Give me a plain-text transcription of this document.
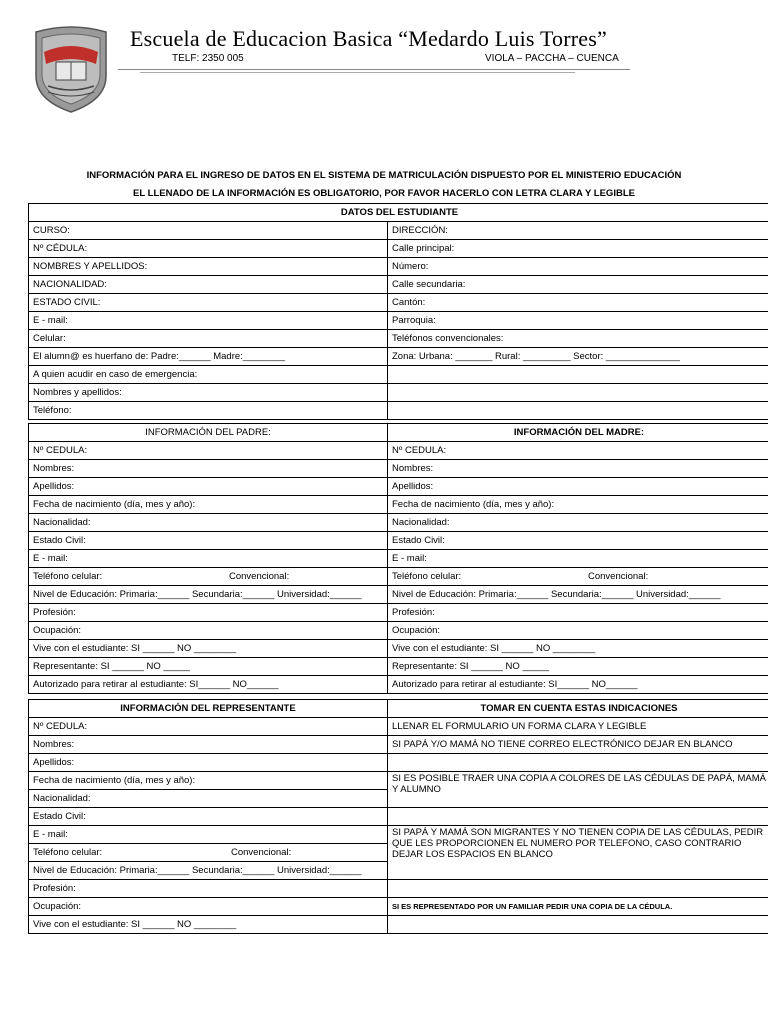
Escuela de Educacion Basica “Medardo Luis Torres”
TELF: 2350 005	VIOLA – PACCHA – CUENCA
INFORMACIÓN PARA EL INGRESO DE DATOS EN EL SISTEMA DE MATRICULACIÓN DISPUESTO POR EL MINISTERIO EDUCACIÓN
EL LLENADO DE LA INFORMACIÓN ES OBLIGATORIO, POR FAVOR HACERLO CON LETRA CLARA Y LEGIBLE
DATOS DEL ESTUDIANTE	
CURSO:	DIRECCIÓN:
Nº CÉDULA:	Calle principal:
NOMBRES Y APELLIDOS:	Número:
NACIONALIDAD:	Calle secundaria:
ESTADO CIVIL:	Cantón:
E - mail:	Parroquia:
Celular:	Teléfonos convencionales:
El alumn@ es huerfano de: Padre:______ Madre:________	Zona: Urbana: _______ Rural: _________ Sector: ______________
A quien acudir en caso de emergencia:	
Nombres y apellidos:	
Teléfono:	
INFORMACIÓN DEL PADRE:	INFORMACIÓN DEL MADRE:
Nº CEDULA:	Nº CEDULA:
Nombres:	Nombres:
Apellidos:	Apellidos:
Fecha de nacimiento (día, mes y año):	Fecha de nacimiento (día, mes y año):
Nacionalidad:	Nacionalidad:
Estado Civil:	Estado Civil:
E - mail:	E - mail:
Teléfono celular: Convencional:	Teléfono celular: Convencional:

Nivel de Educación: Primaria:______ Secundaria:______ Universidad:______	Nivel de Educación: Primaria:______ Secundaria:______ Universidad:______
Profesión:	Profesión:
Ocupación:	Ocupación:
Vive con el estudiante: SI ______ NO ________	Vive con el estudiante: SI ______ NO ________
Representante: SI ______ NO _____	Representante: SI ______ NO _____
Autorizado para retirar al estudiante: SI______ NO______	Autorizado para retirar al estudiante: SI______ NO______
INFORMACIÓN DEL REPRESENTANTE	TOMAR EN CUENTA ESTAS INDICACIONES
Nº CEDULA:	LLENAR EL FORMULARIO UN FORMA CLARA Y LEGIBLE
Nombres:	SI PAPÁ Y/O MAMÁ NO TIENE CORREO ELECTRÓNICO DEJAR EN BLANCO
Apellidos:	
Fecha de nacimiento (día, mes y año):	SI ES POSIBLE TRAER UNA COPIA A COLORES DE LAS CÉDULAS DE PAPÁ, MAMÁ Y ALUMNO
Nacionalidad:	
Estado Civil:	
E - mail:	SI PAPÁ Y MAMÁ SON MIGRANTES Y NO TIENEN COPIA DE LAS CÉDULAS, PEDIR QUE LES PROPORCIONEN EL NUMERO POR TELEFONO, CASO CONTRARIO DEJAR LOS ESPACIOS EN BLANCO
Teléfono celular: Convencional:	

Nivel de Educación: Primaria:______ Secundaria:______ Universidad:______	
Profesión:	
Ocupación:	SI ES REPRESENTADO POR UN FAMILIAR PEDIR UNA COPIA DE LA CÉDULA.
Vive con el estudiante: SI ______ NO ________	
